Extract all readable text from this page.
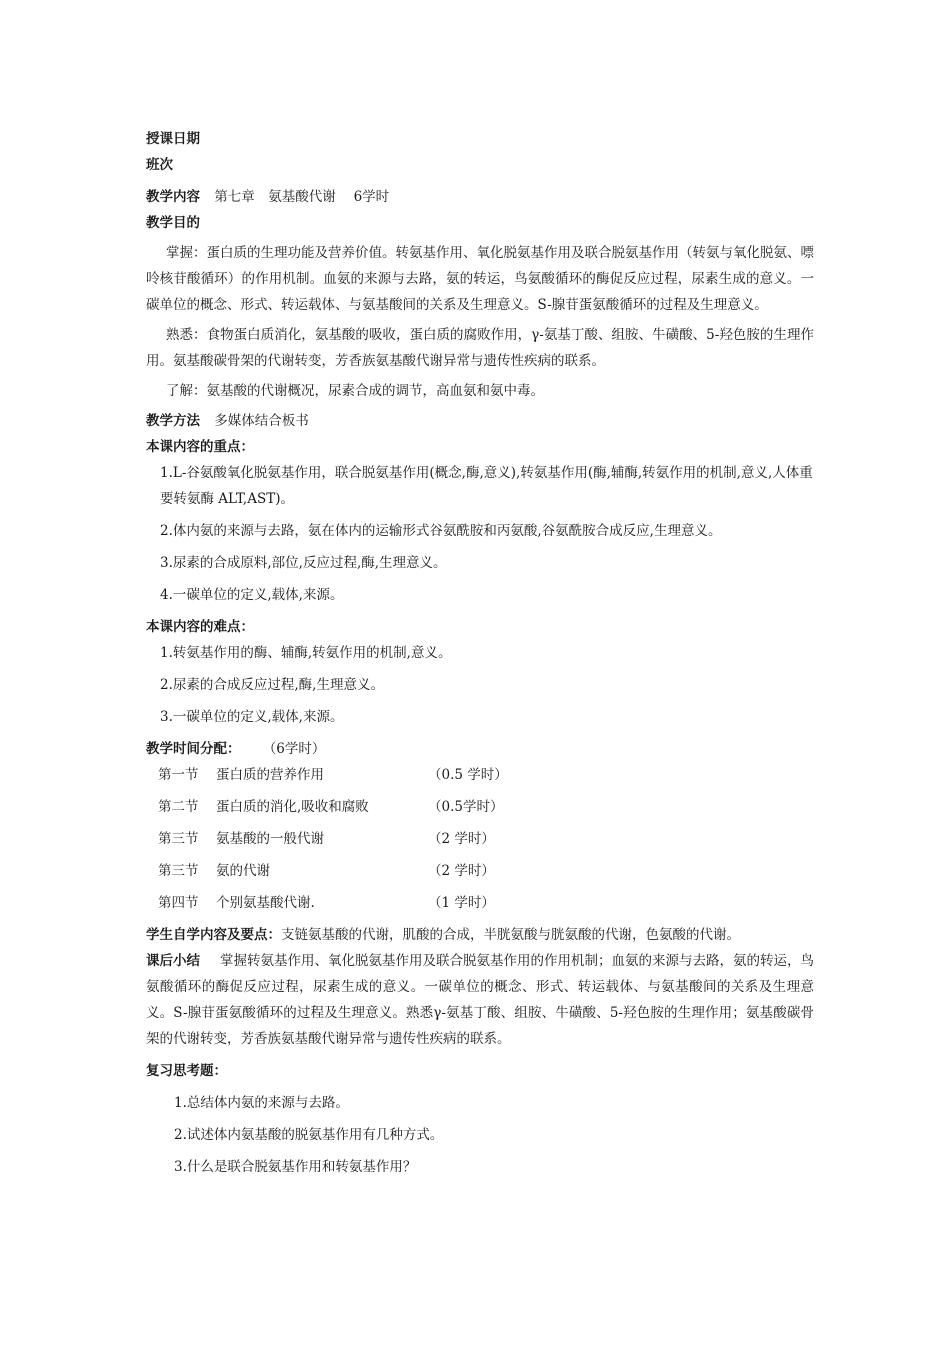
授课日期
班次
教学内容 第七章　氨基酸代谢　 6学时
教学目的
掌握：蛋白质的生理功能及营养价值。转氨基作用、氧化脱氨基作用及联合脱氨基作用（转氨与氧化脱氨、嘌呤核苷酸循环）的作用机制。血氨的来源与去路，氨的转运，鸟氨酸循环的酶促反应过程，尿素生成的意义。一碳单位的概念、形式、转运载体、与氨基酸间的关系及生理意义。S-腺苷蛋氨酸循环的过程及生理意义。
熟悉：食物蛋白质消化，氨基酸的吸收，蛋白质的腐败作用，γ-氨基丁酸、组胺、牛磺酸、5-羟色胺的生理作用。氨基酸碳骨架的代谢转变，芳香族氨基酸代谢异常与遗传性疾病的联系。
了解：氨基酸的代谢概况，尿素合成的调节，高血氨和氨中毒。
教学方法 多媒体结合板书
本课内容的重点：
1.L-谷氨酸氧化脱氨基作用，联合脱氨基作用(概念,酶,意义),转氨基作用(酶,辅酶,转氨作用的机制,意义,人体重要转氨酶 ALT,AST)。
2.体内氨的来源与去路，氨在体内的运输形式谷氨酰胺和丙氨酸,谷氨酰胺合成反应,生理意义。
3.尿素的合成原料,部位,反应过程,酶,生理意义。
4.一碳单位的定义,载体,来源。
本课内容的难点：
1.转氨基作用的酶、辅酶,转氨作用的机制,意义。
2.尿素的合成反应过程,酶,生理意义。
3.一碳单位的定义,载体,来源。
教学时间分配： （6学时）
第一节	蛋白质的营养作用	（0.5 学时）
第二节	蛋白质的消化,吸收和腐败	（0.5学时）
第三节	氨基酸的一般代谢	（2 学时）
第三节	氨的代谢	（2 学时）
第四节	个别氨基酸代谢.	（1 学时）
学生自学内容及要点：支链氨基酸的代谢，肌酸的合成，半胱氨酸与胱氨酸的代谢，色氨酸的代谢。
课后小结 掌握转氨基作用、氧化脱氨基作用及联合脱氨基作用的作用机制；血氨的来源与去路，氨的转运，鸟氨酸循环的酶促反应过程，尿素生成的意义。一碳单位的概念、形式、转运载体、与氨基酸间的关系及生理意义。S-腺苷蛋氨酸循环的过程及生理意义。熟悉γ-氨基丁酸、组胺、牛磺酸、5-羟色胺的生理作用；氨基酸碳骨架的代谢转变，芳香族氨基酸代谢异常与遗传性疾病的联系。
复习思考题：
1.总结体内氨的来源与去路。
2.试述体内氨基酸的脱氨基作用有几种方式。
3.什么是联合脱氨基作用和转氨基作用？
